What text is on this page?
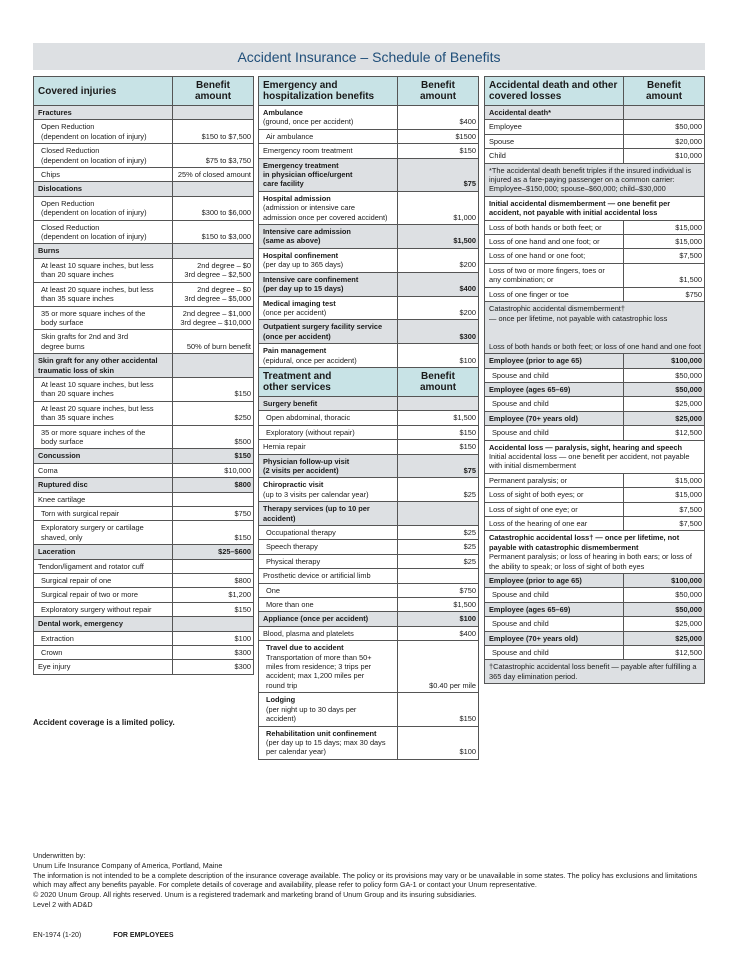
Accident Insurance – Schedule of Benefits
Covered injuries	Benefit amount

Fractures	

Open Reduction
(dependent on location of injury)	$150 to $7,500

Closed Reduction
(dependent on location of injury)	$75 to $3,750

Chips	25% of closed amount

Dislocations	

Open Reduction
(dependent on location of injury)	$300 to $6,000

Closed Reduction
(dependent on location of injury)	$150 to $3,000

Burns	

At least 10 square inches, but less
than 20 square inches	2nd degree – $0
3rd degree – $2,500

At least 20 square inches, but less
than 35 square inches	2nd degree – $0
3rd degree – $5,000

35 or more square inches of the
body surface	2nd degree – $1,000
3rd degree – $10,000

Skin grafts for 2nd and 3rd
degree burns	50% of burn benefit

Skin graft for any other accidental traumatic loss of skin	

At least 10 square inches, but less
than 20 square inches	$150

At least 20 square inches, but less
than 35 square inches	$250

35 or more square inches of the
body surface	$500

Concussion	$150

Coma	$10,000

Ruptured disc	$800

Knee cartilage	

Torn with surgical repair	$750

Exploratory surgery or cartilage
shaved, only	$150

Laceration	$25–$600

Tendon/ligament and rotator cuff	

Surgical repair of one	$800

Surgical repair of two or more	$1,200

Exploratory surgery without repair	$150

Dental work, emergency	

Extraction	$100

Crown	$300

Eye injury	$300
Accident coverage is a limited policy.
Emergency and
hospitalization benefits	Benefit amount

Ambulance
(ground, once per accident)	$400

Air ambulance	$1500

Emergency room treatment	$150

Emergency treatment
in physician office/urgent
care facility	$75

Hospital admission
(admission or intensive care
admission once per covered accident)	$1,000

Intensive care admission
(same as above)	$1,500

Hospital confinement
(per day up to 365 days)	$200

Intensive care confinement
(per day up to 15 days)	$400

Medical imaging test
(once per accident)	$200

Outpatient surgery facility service
(once per accident)	$300

Pain management
(epidural, once per accident)	$100
Treatment and
other services	Benefit amount

Surgery benefit	

Open abdominal, thoracic	$1,500

Exploratory (without repair)	$150

Hernia repair	$150

Physician follow-up visit
(2 visits per accident)	$75

Chiropractic visit
(up to 3 visits per calendar year)	$25

Therapy services (up to 10 per accident)	

Occupational therapy	$25

Speech therapy	$25

Physical therapy	$25

Prosthetic device or artificial limb	

One	$750

More than one	$1,500

Appliance (once per accident)	$100

Blood, plasma and platelets	$400

Travel due to accident
Transportation of more than 50+
miles from residence; 3 trips per
accident; max 1,200 miles per
round trip	$0.40 per mile

Lodging
(per night up to 30 days per
accident)	$150

Rehabilitation unit confinement
(per day up to 15 days; max 30 days
per calendar year)	$100
Accidental death and other
covered losses	Benefit amount

Accidental death*	

Employee	$50,000

Spouse	$20,000

Child	$10,000

*The accidental death benefit triples if the insured individual is injured as a fare-paying passenger on a common carrier: Employee–$150,000; spouse–$60,000; child–$30,000	

Initial accidental dismemberment — one benefit per accident, not payable with initial accidental loss	

Loss of both hands or both feet; or	$15,000

Loss of one hand and one foot; or	$15,000

Loss of one hand or one foot;	$7,500

Loss of two or more fingers, toes or
any combination; or	$1,500

Loss of one finger or toe	$750

Catastrophic accidental dismemberment†
— once per lifetime, not payable with catastrophic loss

Loss of both hands or both feet; or loss of one hand and one foot	

Employee (prior to age 65)	$100,000

Spouse and child	$50,000

Employee (ages 65–69)	$50,000

Spouse and child	$25,000

Employee (70+ years old)	$25,000

Spouse and child	$12,500

Accidental loss — paralysis, sight, hearing and speech
Initial accidental loss — one benefit per accident, not payable with initial dismemberment	

Permanent paralysis; or	$15,000

Loss of sight of both eyes; or	$15,000

Loss of sight of one eye; or	$7,500

Loss of the hearing of one ear	$7,500

Catastrophic accidental loss† — once per lifetime, not payable with catastrophic dismemberment
Permanent paralysis; or loss of hearing in both ears; or loss of the ability to speak; or loss of sight of both eyes	

Employee (prior to age 65)	$100,000

Spouse and child	$50,000

Employee (ages 65–69)	$50,000

Spouse and child	$25,000

Employee (70+ years old)	$25,000

Spouse and child	$12,500

†Catastrophic accidental loss benefit — payable after fulfilling a 365 day elimination period.	
Underwritten by:
Unum Life Insurance Company of America, Portland, Maine
The information is not intended to be a complete description of the insurance coverage available. The policy or its provisions may vary or be unavailable in some states. The policy has exclusions and limitations which may affect any benefits payable. For complete details of coverage and availability, please refer to policy form GA-1 or contact your Unum representative.
© 2020 Unum Group. All rights reserved. Unum is a registered trademark and marketing brand of Unum Group and its insuring subsidiaries.
Level 2 with AD&D
EN-1974 (1-20)	FOR EMPLOYEES
